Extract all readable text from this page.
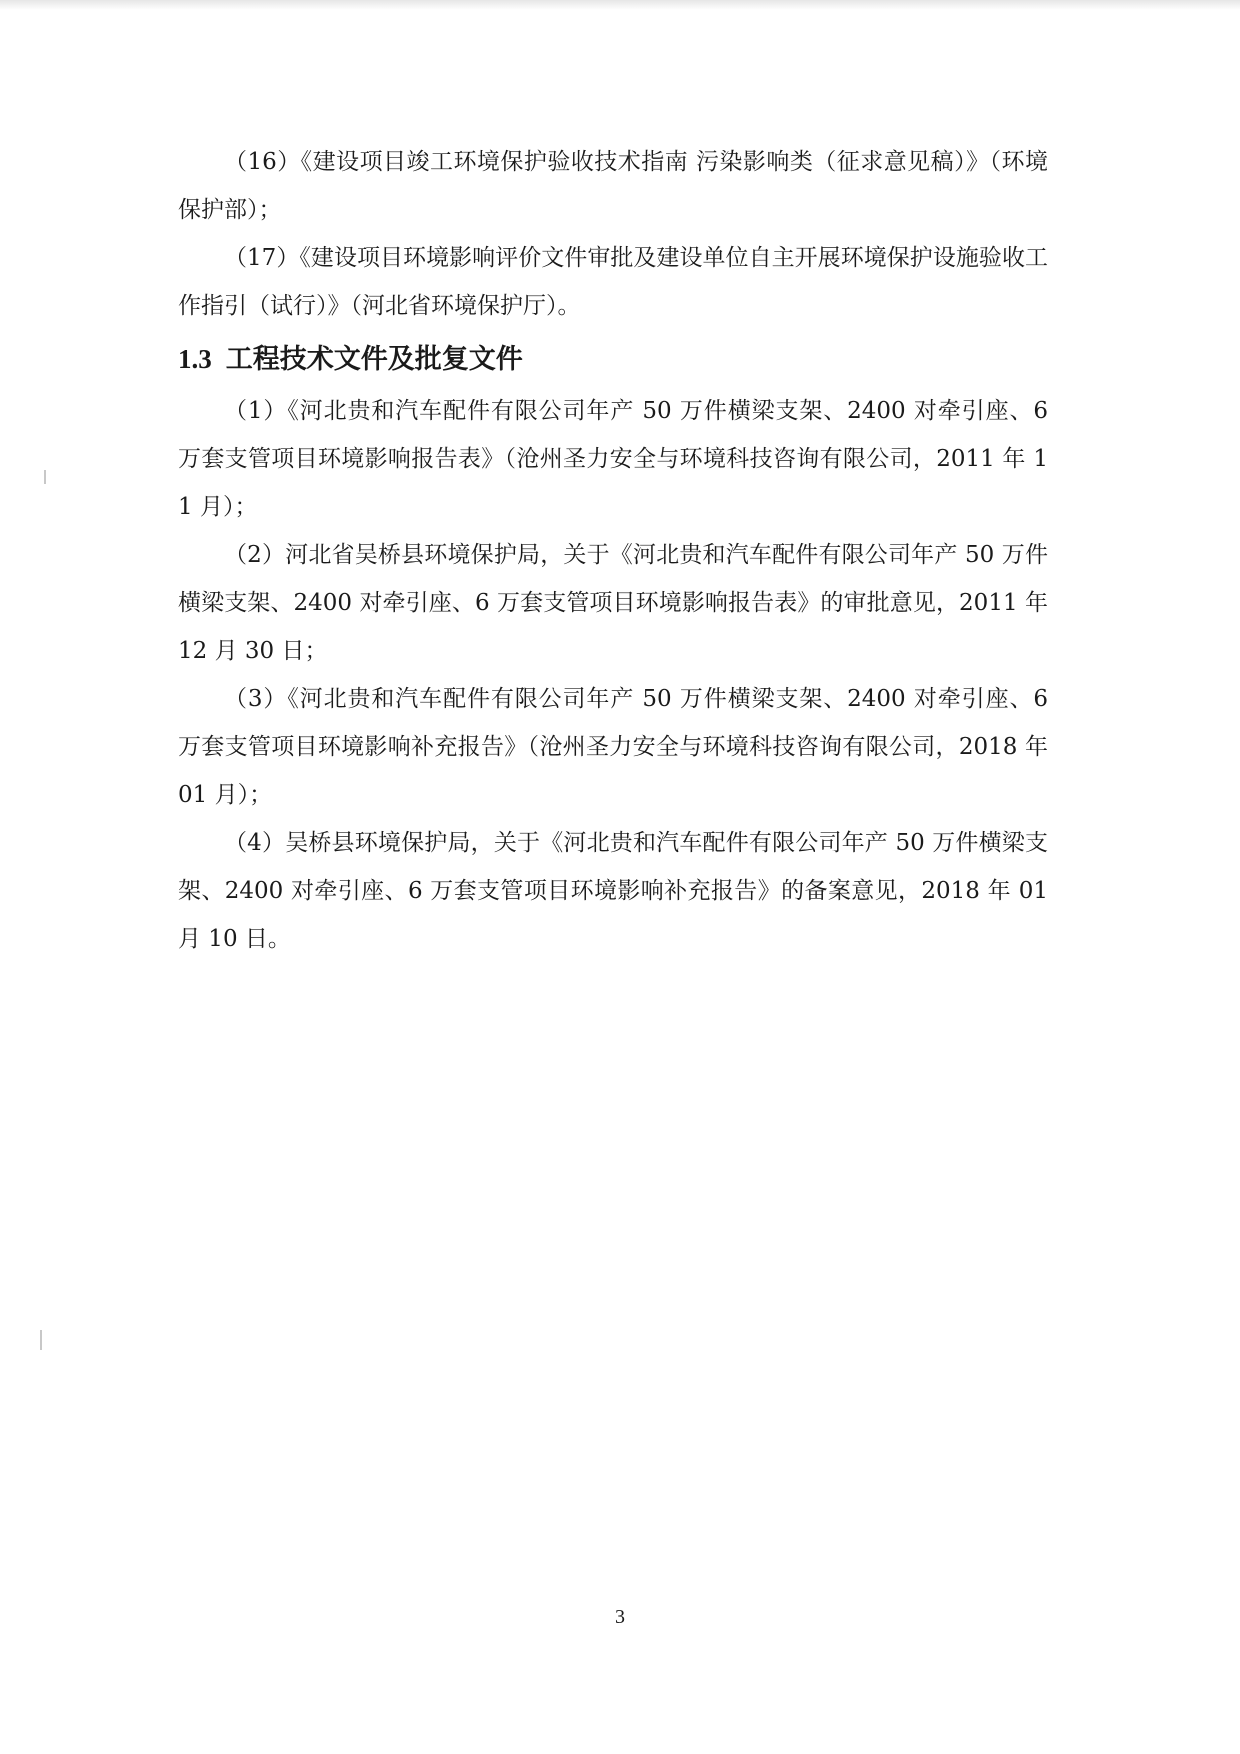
（16）《建设项目竣工环境保护验收技术指南 污染影响类（征求意见稿）》（环境保护部）；

（17）《建设项目环境影响评价文件审批及建设单位自主开展环境保护设施验收工作指引（试行）》（河北省环境保护厅）。

1.3 工程技术文件及批复文件

（1）《河北贵和汽车配件有限公司年产 50 万件横梁支架、2400 对牵引座、6 万套支管项目环境影响报告表》（沧州圣力安全与环境科技咨询有限公司，2011 年 11 月）；

（2）河北省吴桥县环境保护局，关于《河北贵和汽车配件有限公司年产 50 万件横梁支架、2400 对牵引座、6 万套支管项目环境影响报告表》的审批意见，2011 年 12 月 30 日；

（3）《河北贵和汽车配件有限公司年产 50 万件横梁支架、2400 对牵引座、6 万套支管项目环境影响补充报告》（沧州圣力安全与环境科技咨询有限公司，2018 年 01 月）；

（4）吴桥县环境保护局，关于《河北贵和汽车配件有限公司年产 50 万件横梁支架、2400 对牵引座、6 万套支管项目环境影响补充报告》的备案意见，2018 年 01 月 10 日。

3
